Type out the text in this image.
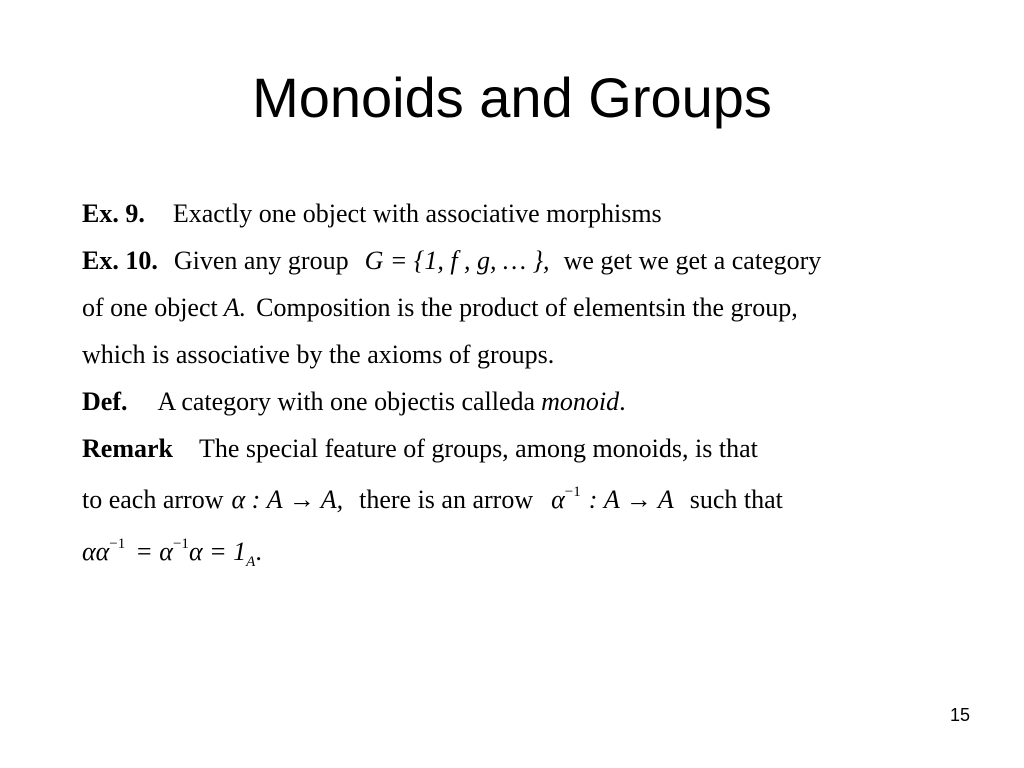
Monoids and Groups
Ex. 9. Exactly one object with associative morphisms
Ex. 10. Given any group G = {1, f , g, … }, we get we get a category
of one object A. Composition is the product of elementsin the group,
which is associative by the axioms of groups.
Def. A category with one objectis calleda monoid.
Remark The special feature of groups, among monoids, is that
to each arrow α : A → A, there is an arrow $\alpha^{-1}$ : A → A such that
$\alpha\alpha^{-1} = \alpha^{-1}\alpha = 1_A$.
15
